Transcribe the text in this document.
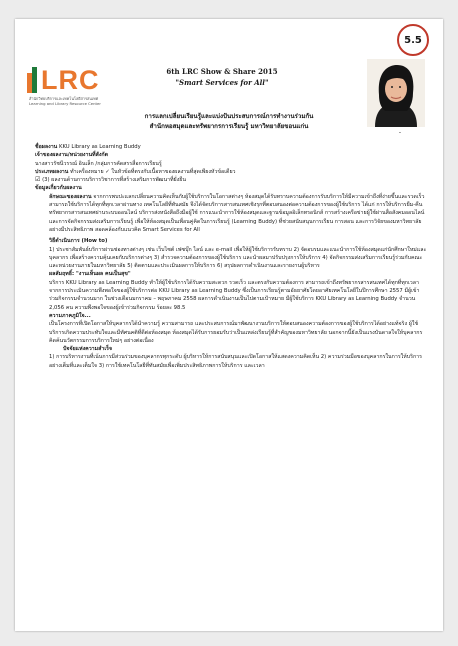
5.5
LRC
สำนักวิทยบริการและเทคโนโลยีสารสนเทศ Learning and Library Resource Center
6th LRC Show & Share 2015
"Smart Services for All"
-
การแลกเปลี่ยนเรียนรู้และแบ่งปันประสบการณ์การทำงานร่วมกัน
สำนักหอสมุดและทรัพยากรการเรียนรู้ มหาวิทยาลัยขอนแก่น

ชื่อผลงาน KKU Library as Learning Buddy

เจ้าของผลงาน/หน่วยงานที่สังกัด

นางสาวรัชนีวรรณ์ อินเล็ก /กลุ่มการคัดสรรสื่อการเรียนรู้

ประเภทผลงาน ทำเครื่องหมาย ✓ ในหัวข้อที่ตรงกับเนื้อหาของผลงานที่สุดเพียงหัวข้อเดียว

☑ (3) ผลงานด้านการบริการวิชาการที่สร้างเสริมการพัฒนาที่ยั่งยืน

ข้อมูลเกี่ยวกับผลงาน

ลักษณะของผลงาน จากการพบปะแลกเปลี่ยนความคิดเห็นกับผู้ใช้บริการในโอกาสต่างๆ ห้องสมุดได้รับทราบความต้องการรับบริการให้มีความเข้าถึงที่ง่ายขึ้นและรวดเร็ว สามารถใช้บริการได้ทุกที่ทุกเวลาผ่านทาง เทคโนโลยีที่ทันสมัย จึงได้จัดบริการสารสนเทศเชิงรุกที่ตอบสนองต่อความต้องการของผู้ใช้บริการ ได้แก่ การให้บริการยืม-คืนทรัพยากรสารสนเทศผ่านระบบออนไลน์ บริการส่งหนังสือถึงมือผู้ใช้ การแนะนำการใช้ห้องสมุดและฐานข้อมูลอิเล็กทรอนิกส์ การสร้างเครือข่ายผู้ใช้ผ่านสื่อสังคมออนไลน์ และการจัดกิจกรรมส่งเสริมการเรียนรู้ เพื่อให้ห้องสมุดเป็นเพื่อนคู่คิดในการเรียนรู้ (Learning Buddy) ที่ช่วยสนับสนุนการเรียน การสอน และการวิจัยของมหาวิทยาลัยอย่างมีประสิทธิภาพ สอดคล้องกับแนวคิด Smart Services for All

วิธีดำเนินการ (How to)

1) ประชาสัมพันธ์บริการผ่านช่องทางต่างๆ เช่น เว็บไซต์ เฟซบุ๊ก ไลน์ และ e-mail เพื่อให้ผู้ใช้บริการรับทราบ 2) จัดอบรมและแนะนำการใช้ห้องสมุดแก่นักศึกษาใหม่และบุคลากร เพื่อสร้างความคุ้นเคยกับบริการต่างๆ 3) สำรวจความต้องการของผู้ใช้บริการ และนำผลมาปรับปรุงการให้บริการ 4) จัดกิจกรรมส่งเสริมการเรียนรู้ร่วมกับคณะและหน่วยงานภายในมหาวิทยาลัย 5) ติดตามและประเมินผลการให้บริการ 6) สรุปผลการดำเนินงานและรายงานผู้บริหาร

ผลสัมฤทธิ์: "งานเห็นผล คนเป็นสุข"

บริการ KKU Library as Learning Buddy ทำให้ผู้ใช้บริการได้รับความสะดวก รวดเร็ว และตรงกับความต้องการ สามารถเข้าถึงทรัพยากรสารสนเทศได้ทุกที่ทุกเวลา จากการประเมินความพึงพอใจของผู้ใช้บริการต่อ KKU Library as Learning Buddy ซึ่งเป็นการเรียนรู้ตามอัธยาศัยโดยอาศัยเทคโนโลยีในปีการศึกษา 2557 มีผู้เข้าร่วมกิจกรรมจำนวนมาก ในช่วงเดือนมกราคม – พฤษภาคม 2558 ผลการดำเนินงานเป็นไปตามเป้าหมาย มีผู้ใช้บริการ KKU Library as Learning Buddy จำนวน 2,056 คน ความพึงพอใจของผู้เข้าร่วมกิจกรรม ร้อยละ 98.5

ความภาคภูมิใจ...

เป็นโครงการที่เปิดโอกาสให้บุคลากรได้นำความรู้ ความสามารถ และประสบการณ์มาพัฒนางานบริการให้ตอบสนองความต้องการของผู้ใช้บริการได้อย่างแท้จริง ผู้ใช้บริการเกิดความประทับใจและมีทัศนคติที่ดีต่อห้องสมุด ห้องสมุดได้รับการยอมรับว่าเป็นแหล่งเรียนรู้ที่สำคัญของมหาวิทยาลัย นอกจากนี้ยังเป็นแรงบันดาลใจให้บุคลากรคิดค้นนวัตกรรมการบริการใหม่ๆ อย่างต่อเนื่อง

ปัจจัยแห่งความสำเร็จ

1) การบริหารงานที่เน้นการมีส่วนร่วมของบุคลากรทุกระดับ ผู้บริหารให้การสนับสนุนและเปิดโอกาสให้แสดงความคิดเห็น 2) ความร่วมมือของบุคลากรในการให้บริการอย่างเต็มที่และเต็มใจ 3) การใช้เทคโนโลยีที่ทันสมัยเพื่อเพิ่มประสิทธิภาพการให้บริการ และเวลา
